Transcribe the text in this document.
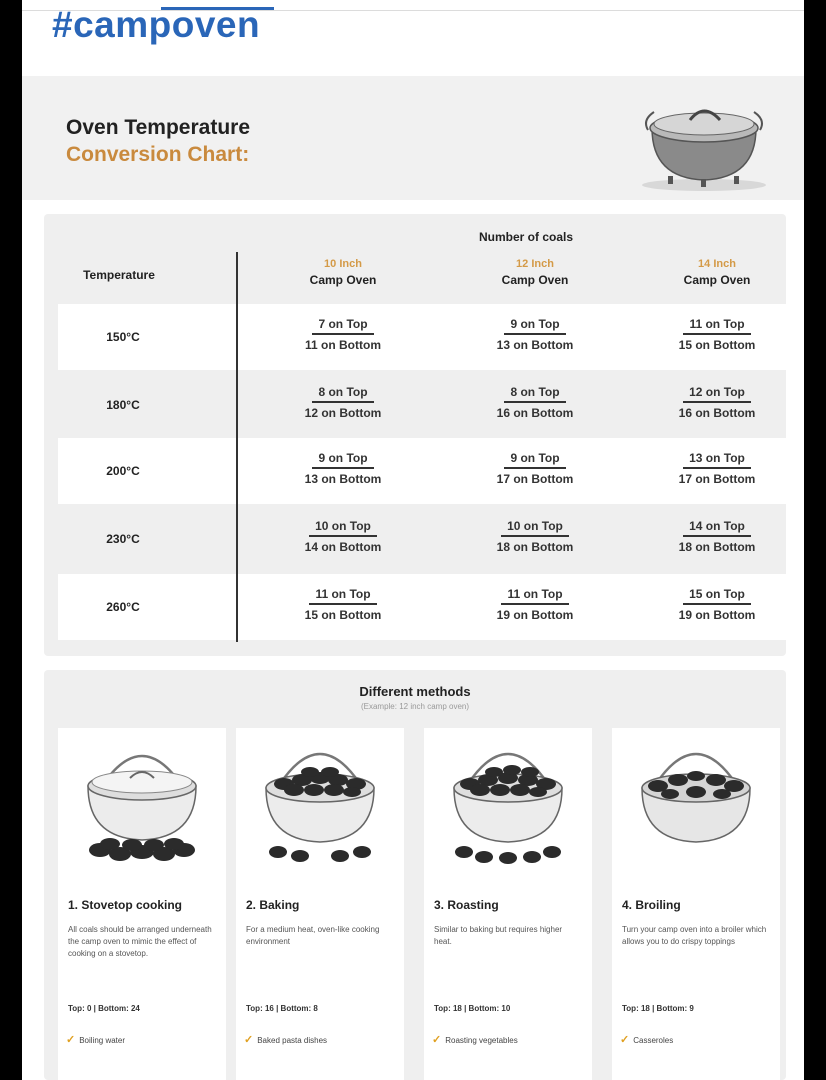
#campoven
Oven Temperature
Conversion Chart:
Number of coals
Temperature
10 Inch
Camp Oven
12 Inch
Camp Oven
14 Inch
Camp Oven
150°C
7 on Top
11 on Bottom
9 on Top
13 on Bottom
11 on Top
15 on Bottom
180°C
8 on Top
12 on Bottom
8 on Top
16 on Bottom
12 on Top
16 on Bottom
200°C
9 on Top
13 on Bottom
9 on Top
17 on Bottom
13 on Top
17 on Bottom
230°C
10 on Top
14 on Bottom
10 on Top
18 on Bottom
14 on Top
18 on Bottom
260°C
11 on Top
15 on Bottom
11 on Top
19 on Bottom
15 on Top
19 on Bottom
Different methods
(Example: 12 inch camp oven)
1. Stovetop cooking
All coals should be arranged underneath the camp oven to mimic the effect of cooking on a stovetop.
Top: 0 | Bottom: 24
✓ Boiling water
2. Baking
For a medium heat, oven-like cooking environment
Top: 16 | Bottom: 8
✓ Baked pasta dishes
3. Roasting
Similar to baking but requires higher heat.
Top: 18 | Bottom: 10
✓ Roasting vegetables
4. Broiling
Turn your camp oven into a broiler which allows you to do crispy toppings
Top: 18 | Bottom: 9
✓ Casseroles
